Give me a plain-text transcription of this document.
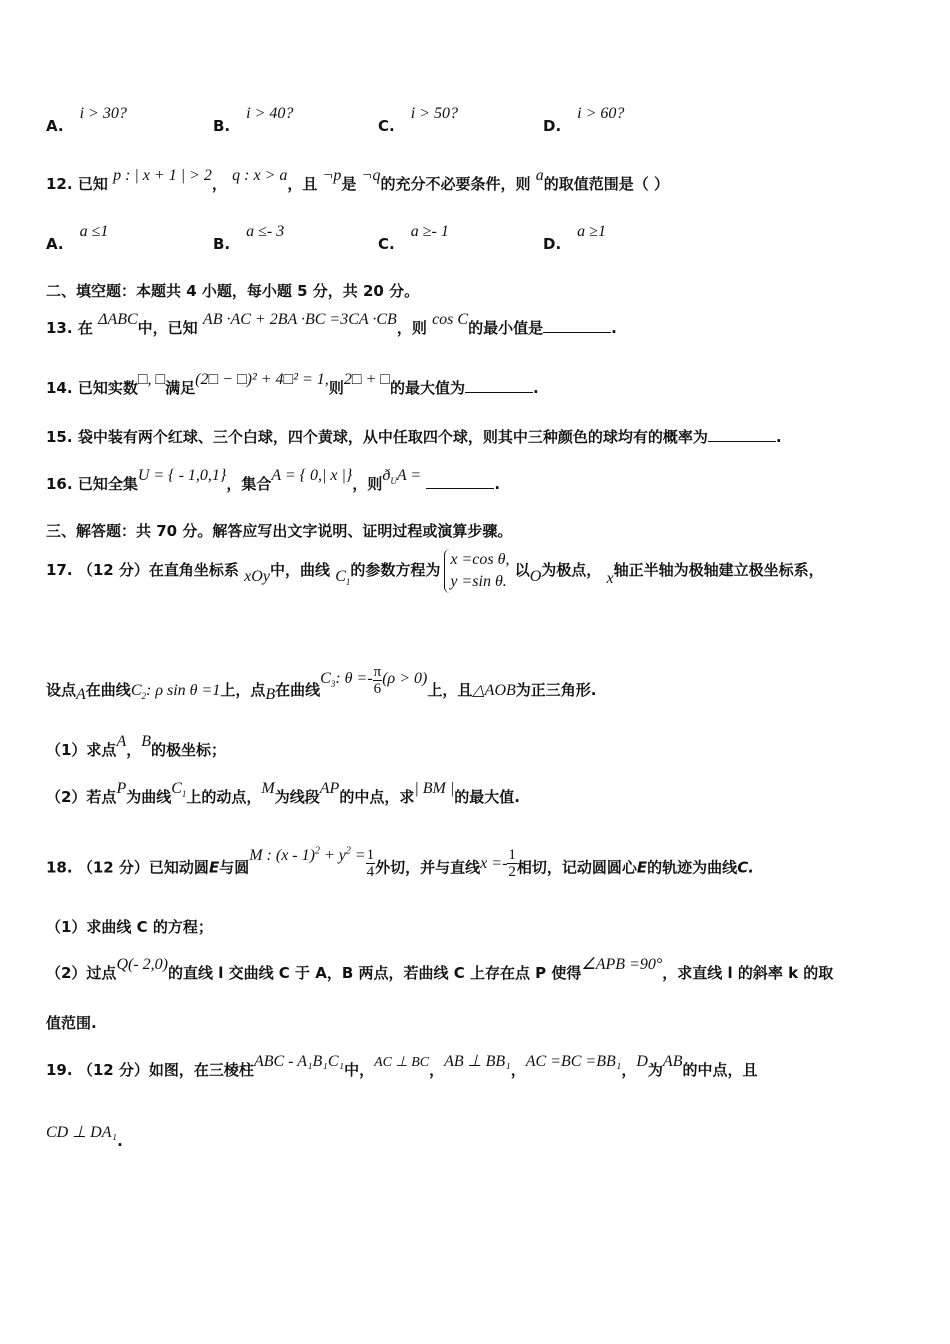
A.i > 30?
B.i > 40?
C.i > 50?
D.i > 60?
12. 已知 p : | x + 1 | > 2， q : x > a，且 ¬p是 ¬q的充分不必要条件，则 a的取值范围是（ ）
A.a ≤1
B.a ≤- 3
C.a ≥- 1
D.a ≥1
二、填空题：本题共 4 小题，每小题 5 分，共 20 分。
13. 在 ΔABC中，已知 AB ·AC + 2BA ·BC =3CA ·CB，则 cos C的最小值是	.
14. 已知实数□, □满足(2□ − □)² + 4□² = 1,则2□ + □的最大值为	.
15. 袋中装有两个红球、三个白球，四个黄球，从中任取四个球，则其中三种颜色的球均有的概率为	.
16. 已知全集U = { - 1,0,1}，集合A = { 0,| x |}，则$ð_UA$ =	.
三、解答题：共 70 分。解答应写出文字说明、证明过程或演算步骤。
17. （12 分）在直角坐标系 xOy中，曲线 $C_1$的参数方程为
x =cos θ,
y =sin θ.
以O为极点， x轴正半轴为极轴建立极坐标系，
设点A在曲线$C_2$: ρ sin θ =1上，点B在曲线$C_3$: $\theta =- \frac{\pi}{6} (\rho > 0)$上，且△AOB为正三角形.
（1）求点A，B的极坐标；
（2）若点P为曲线$C_1$上的动点，M为线段AP的中点，求| BM |的最大值.
18. （12 分）已知动圆E与圆M : $(x - 1)^2 + y^2 = \frac{1}{4}$ 外切，并与直线$x =- \frac{1}{2}$ 相切，记动圆圆心E的轨迹为曲线C.
（1）求曲线 C 的方程；
（2）过点Q(- 2,0)的直线 l 交曲线 C 于 A，B 两点，若曲线 C 上存在点 P 使得∠APB =90°，求直线 l 的斜率 k 的取
值范围.
19. （12 分）如图，在三棱柱ABC - A₁B₁C₁中，AC ⊥ BC，AB ⊥ BB₁，AC =BC =BB₁，D为AB的中点，且
CD ⊥ DA₁.
